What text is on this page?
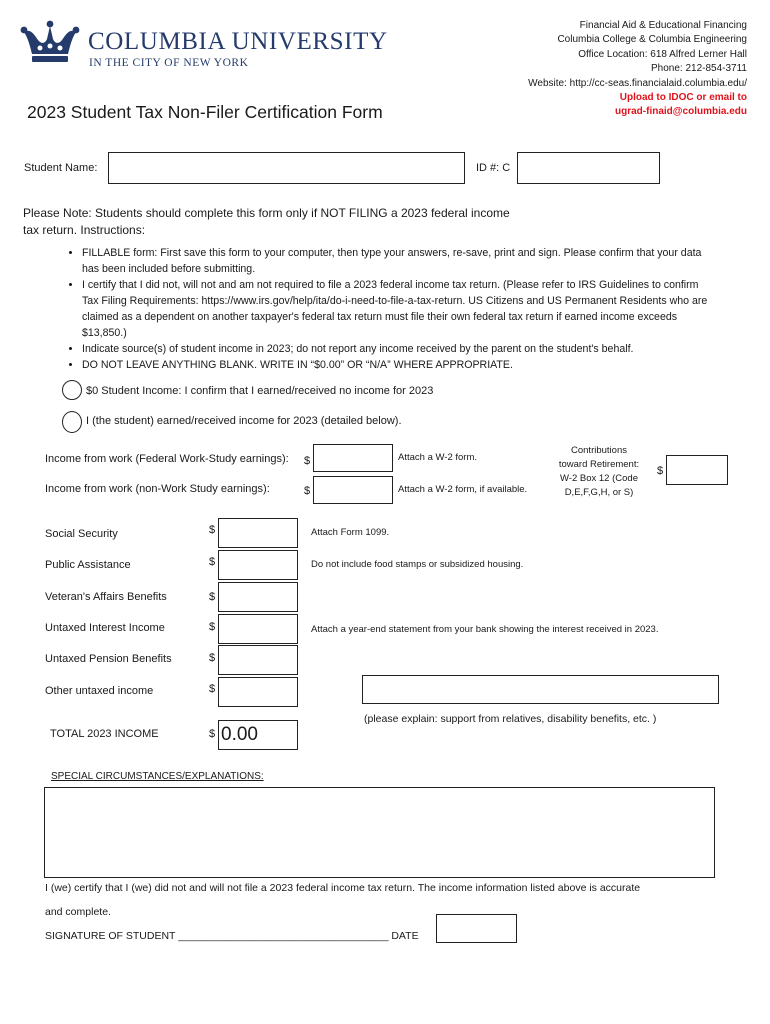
COLUMBIA UNIVERSITY
IN THE CITY OF NEW YORK
Financial Aid & Educational Financing
Columbia College & Columbia Engineering
Office Location: 618 Alfred Lerner Hall
Phone: 212-854-3711
Website: http://cc-seas.financialaid.columbia.edu/
Upload to IDOC or email to
ugrad-finaid@columbia.edu
2023 Student Tax Non-Filer Certification Form
Student Name:	ID #: C
Please Note: Students should complete this form only if NOT FILING a 2023 federal income
tax return. Instructions:
• FILLABLE form: First save this form to your computer, then type your answers, re-save, print and sign. Please confirm that your data has been included before submitting.
• I certify that I did not, will not and am not required to file a 2023 federal income tax return. (Please refer to IRS Guidelines to confirm Tax Filing Requirements: https://www.irs.gov/help/ita/do-i-need-to-file-a-tax-return. US Citizens and US Permanent Residents who are claimed as a dependent on another taxpayer's federal tax return must file their own federal tax return if earned income exceeds $13,850.)
• Indicate source(s) of student income in 2023; do not report any income received by the parent on the student's behalf.
• DO NOT LEAVE ANYTHING BLANK. WRITE IN “$0.00” OR “N/A” WHERE APPROPRIATE.
$0 Student Income: I confirm that I earned/received no income for 2023
I (the student) earned/received income for 2023 (detailed below).
Income from work (Federal Work-Study earnings): $	Attach a W-2 form.
Income from work (non-Work Study earnings):	$	Attach a W-2 form, if available.
Contributions
toward Retirement:
W-2 Box 12 (Code
D,E,F,G,H, or S)
$
Social Security	$	Attach Form 1099.
Public Assistance	$	Do not include food stamps or subsidized housing.
Veteran's Affairs Benefits	$
Untaxed Interest Income	$	Attach a year-end statement from your bank showing the interest received in 2023.
Untaxed Pension Benefits	$
Other untaxed income	$
(please explain: support from relatives, disability benefits, etc. )
TOTAL 2023 INCOME	$ 0.00
SPECIAL CIRCUMSTANCES/EXPLANATIONS:
I (we) certify that I (we) did not and will not file a 2023 federal income tax return. The income information listed above is accurate
and complete.
SIGNATURE OF STUDENT ____________________________________ DATE
